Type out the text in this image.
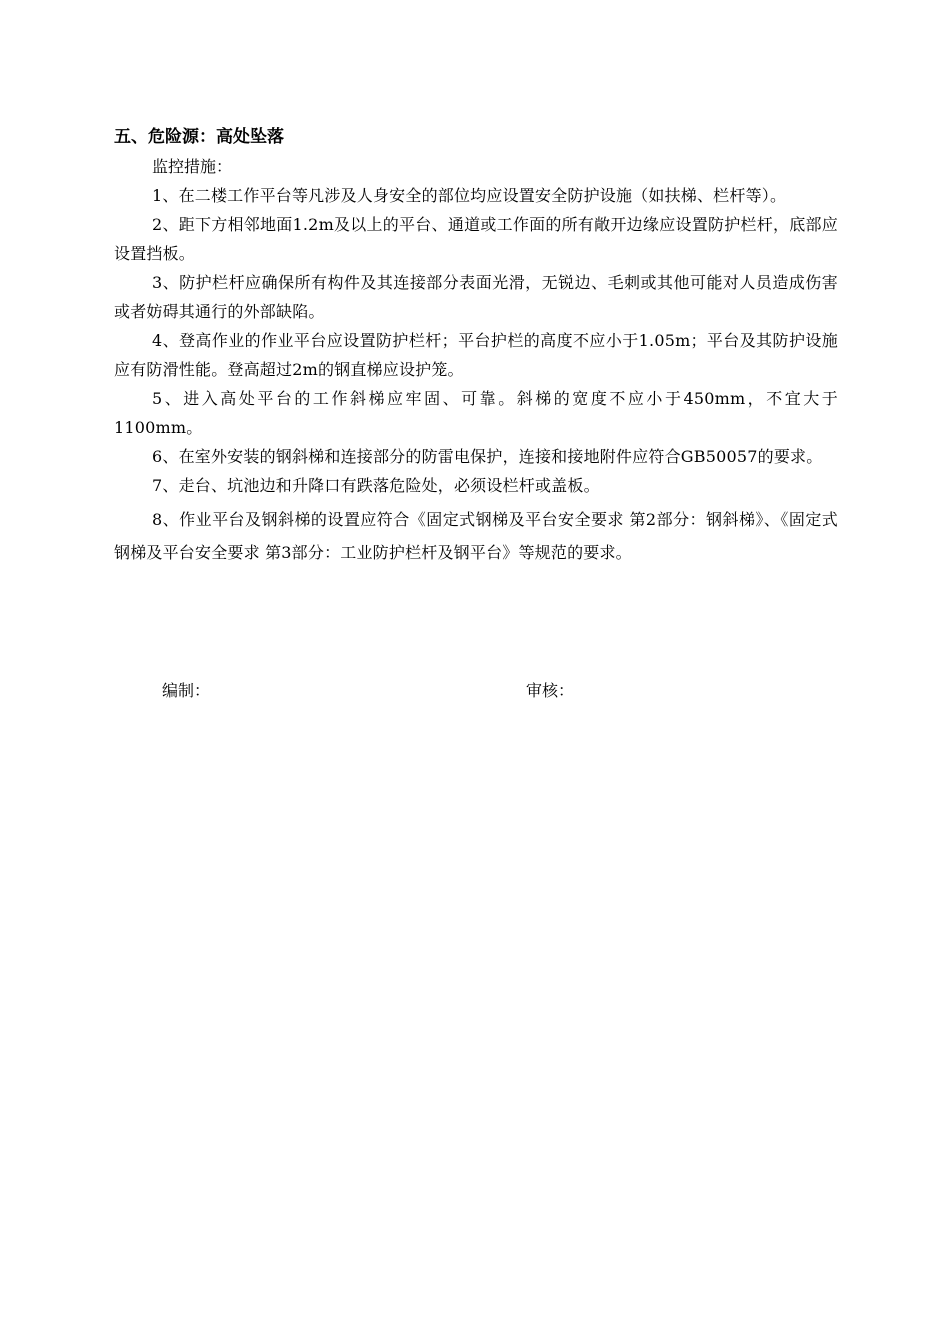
五、危险源：高处坠落

监控措施：

1、在二楼工作平台等凡涉及人身安全的部位均应设置安全防护设施（如扶梯、栏杆等）。

2、距下方相邻地面1.2m及以上的平台、通道或工作面的所有敞开边缘应设置防护栏杆，底部应设置挡板。

3、防护栏杆应确保所有构件及其连接部分表面光滑，无锐边、毛刺或其他可能对人员造成伤害或者妨碍其通行的外部缺陷。

4、登高作业的作业平台应设置防护栏杆；平台护栏的高度不应小于1.05m；平台及其防护设施应有防滑性能。登高超过2m的钢直梯应设护笼。

5、进入高处平台的工作斜梯应牢固、可靠。斜梯的宽度不应小于450mm，不宜大于1100mm。

6、在室外安装的钢斜梯和连接部分的防雷电保护，连接和接地附件应符合GB50057的要求。

7、走台、坑池边和升降口有跌落危险处，必须设栏杆或盖板。

8、作业平台及钢斜梯的设置应符合《固定式钢梯及平台安全要求 第2部分：钢斜梯》、《固定式钢梯及平台安全要求 第3部分：工业防护栏杆及钢平台》等规范的要求。

编制：	审核：
